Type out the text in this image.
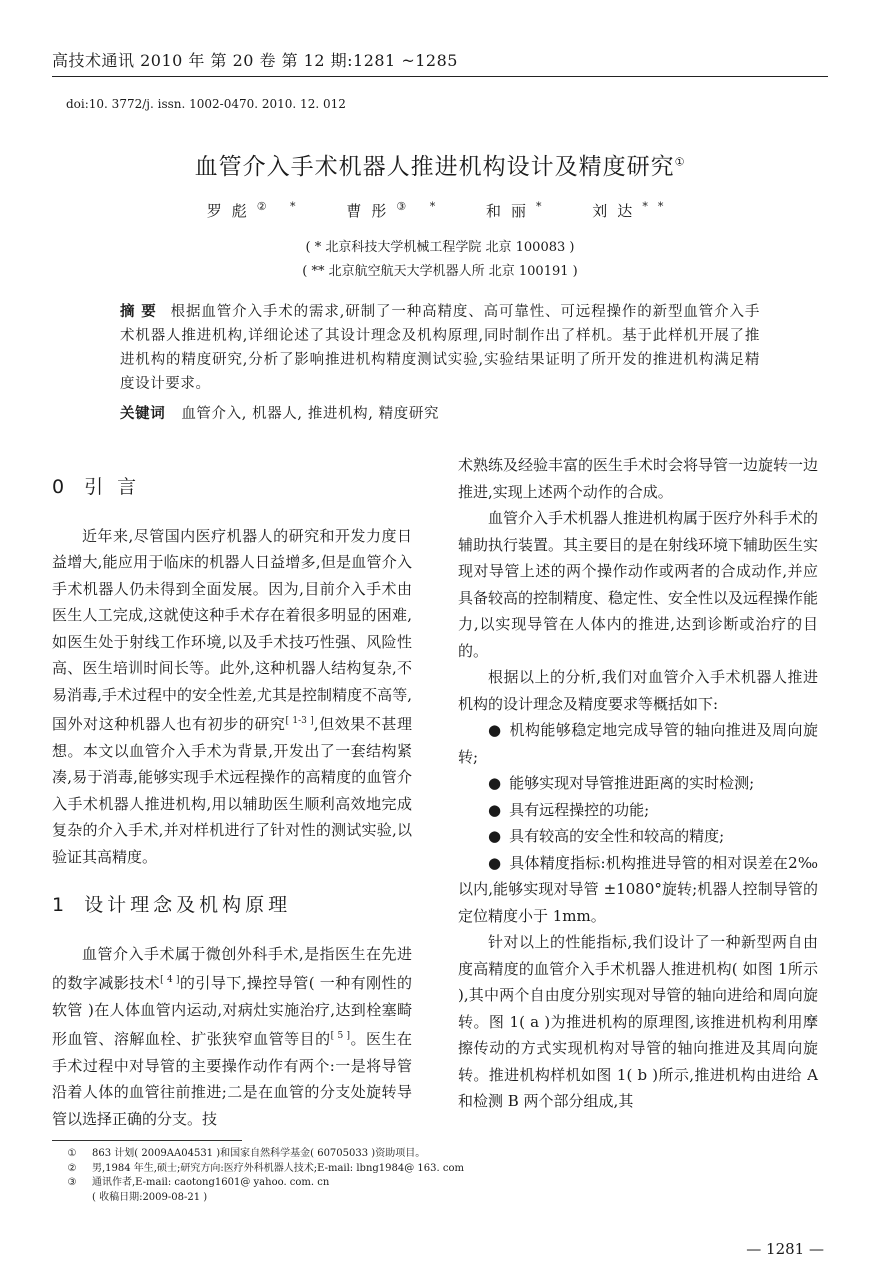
高技术通讯 2010 年 第 20 卷 第 12 期:1281 ~1285
doi:10. 3772/j. issn. 1002-0470. 2010. 12. 012
血管介入手术机器人推进机构设计及精度研究①
罗彪② *	曹彤③ *	和丽*	刘达**
( * 北京科技大学机械工程学院 北京 100083 )
( ** 北京航空航天大学机器人所 北京 100191 )
摘 要 根据血管介入手术的需求,研制了一种高精度、高可靠性、可远程操作的新型血管介入手术机器人推进机构,详细论述了其设计理念及机构原理,同时制作出了样机。基于此样机开展了推进机构的精度研究,分析了影响推进机构精度测试实验,实验结果证明了所开发的推进机构满足精度设计要求。
关键词 血管介入, 机器人, 推进机构, 精度研究

0 引 言

近年来,尽管国内医疗机器人的研究和开发力度日益增大,能应用于临床的机器人日益增多,但是血管介入手术机器人仍未得到全面发展。因为,目前介入手术由医生人工完成,这就使这种手术存在着很多明显的困难,如医生处于射线工作环境,以及手术技巧性强、风险性高、医生培训时间长等。此外,这种机器人结构复杂,不易消毒,手术过程中的安全性差,尤其是控制精度不高等,国外对这种机器人也有初步的研究[ 1-3 ],但效果不甚理想。本文以血管介入手术为背景,开发出了一套结构紧凑,易于消毒,能够实现手术远程操作的高精度的血管介入手术机器人推进机构,用以辅助医生顺利高效地完成复杂的介入手术,并对样机进行了针对性的测试实验,以验证其高精度。

1 设计理念及机构原理

血管介入手术属于微创外科手术,是指医生在先进的数字减影技术[ 4 ]的引导下,操控导管( 一种有刚性的软管 )在人体血管内运动,对病灶实施治疗,达到栓塞畸形血管、溶解血栓、扩张狭窄血管等目的[ 5 ]。医生在手术过程中对导管的主要操作动作有两个:一是将导管沿着人体的血管往前推进;二是在血管的分支处旋转导管以选择正确的分支。技

术熟练及经验丰富的医生手术时会将导管一边旋转一边推进,实现上述两个动作的合成。

血管介入手术机器人推进机构属于医疗外科手术的辅助执行装置。其主要目的是在射线环境下辅助医生实现对导管上述的两个操作动作或两者的合成动作,并应具备较高的控制精度、稳定性、安全性以及远程操作能力,以实现导管在人体内的推进,达到诊断或治疗的目的。

根据以上的分析,我们对血管介入手术机器人推进机构的设计理念及精度要求等概括如下:

● 机构能够稳定地完成导管的轴向推进及周向旋转;

● 能够实现对导管推进距离的实时检测;

● 具有远程操控的功能;

● 具有较高的安全性和较高的精度;

● 具体精度指标:机构推进导管的相对误差在2‰以内,能够实现对导管 ±1080°旋转;机器人控制导管的定位精度小于 1mm。

针对以上的性能指标,我们设计了一种新型两自由度高精度的血管介入手术机器人推进机构( 如图 1所示 ),其中两个自由度分别实现对导管的轴向进给和周向旋转。图 1( a )为推进机构的原理图,该推进机构利用摩擦传动的方式实现机构对导管的轴向推进及其周向旋转。推进机构样机如图 1( b )所示,推进机构由进给 A 和检测 B 两个部分组成,其

① 863 计划( 2009AA04531 )和国家自然科学基金( 60705033 )资助项目。
② 男,1984 年生,硕士;研究方向:医疗外科机器人技术;E-mail: lbng1984@ 163. com
③ 通讯作者,E-mail: caotong1601@ yahoo. com. cn
( 收稿日期:2009-08-21 )
— 1281 —
